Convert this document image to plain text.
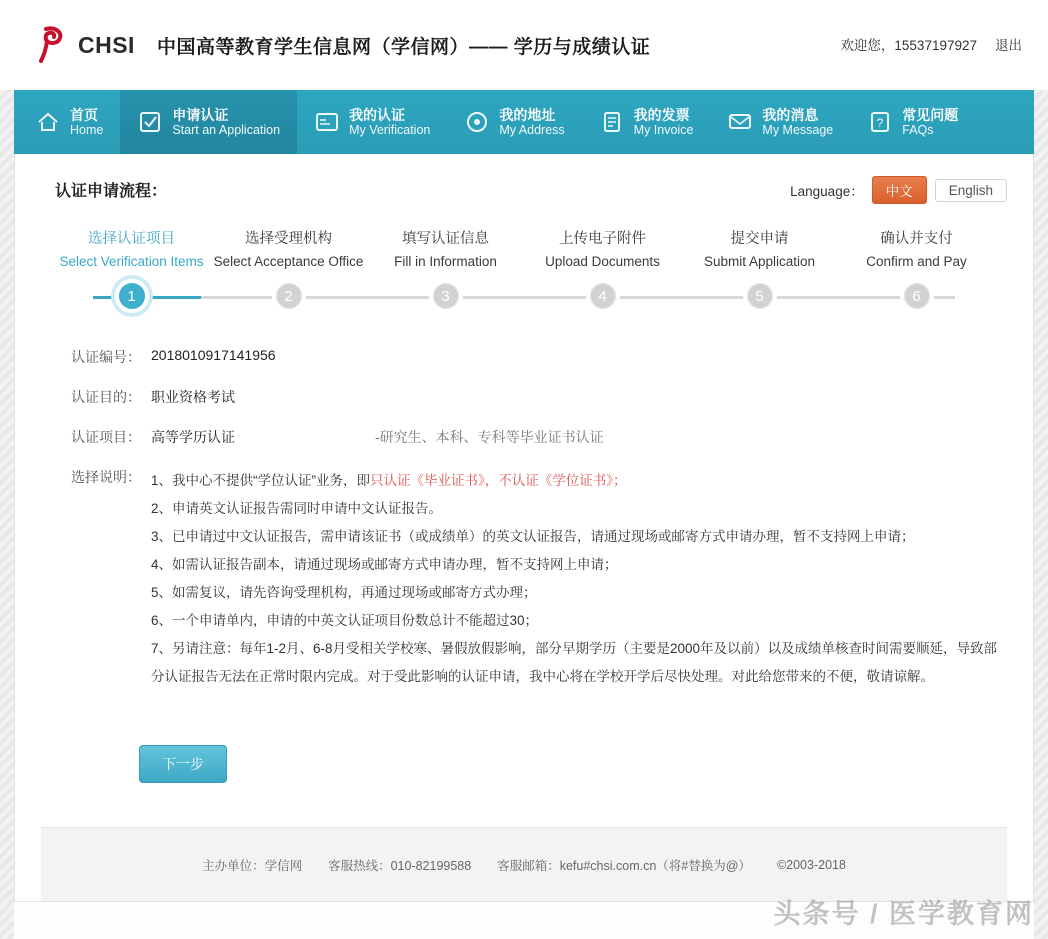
CHSI 中国高等教育学生信息网（学信网）—— 学历与成绩认证	欢迎您，15537197927 退出
首页
Home
申请认证
Start an Application
我的认证
My Verification
我的地址
My Address
我的发票
My Invoice
我的消息
My Message	?
常见问题
FAQs
认证申请流程：	Language：	中文	English
选择认证项目
Select Verification Items
选择受理机构
Select Acceptance Office
填写认证信息
Fill in Information
上传电子附件
Upload Documents
提交申请
Submit Application
确认并支付
Confirm and Pay
1	2	3	4	5	6
认证编号： 2018010917141956
认证目的： 职业资格考试
认证项目： 高等学历认证	-研究生、本科、专科等毕业证书认证
选择说明： 1、我中心不提供“学位认证”业务，即只认证《毕业证书》，不认证《学位证书》；
2、申请英文认证报告需同时申请中文认证报告。
3、已申请过中文认证报告，需申请该证书（或成绩单）的英文认证报告，请通过现场或邮寄方式申请办理，暂不支持网上申请；
4、如需认证报告副本，请通过现场或邮寄方式申请办理，暂不支持网上申请；
5、如需复议，请先咨询受理机构，再通过现场或邮寄方式办理；
6、一个申请单内，申请的中英文认证项目份数总计不能超过30；
7、另请注意：每年1-2月、6-8月受相关学校寒、暑假放假影响，部分早期学历（主要是2000年及以前）以及成绩单核查时间需要顺延，导致部分认证报告无法在正常时限内完成。对于受此影响的认证申请，我中心将在学校开学后尽快处理。对此给您带来的不便，敬请谅解。
下一步
主办单位：学信网 客服热线：010-82199588 客服邮箱：kefu#chsi.com.cn（将#替换为@） ©2003-2018
头条号 / 医学教育网
